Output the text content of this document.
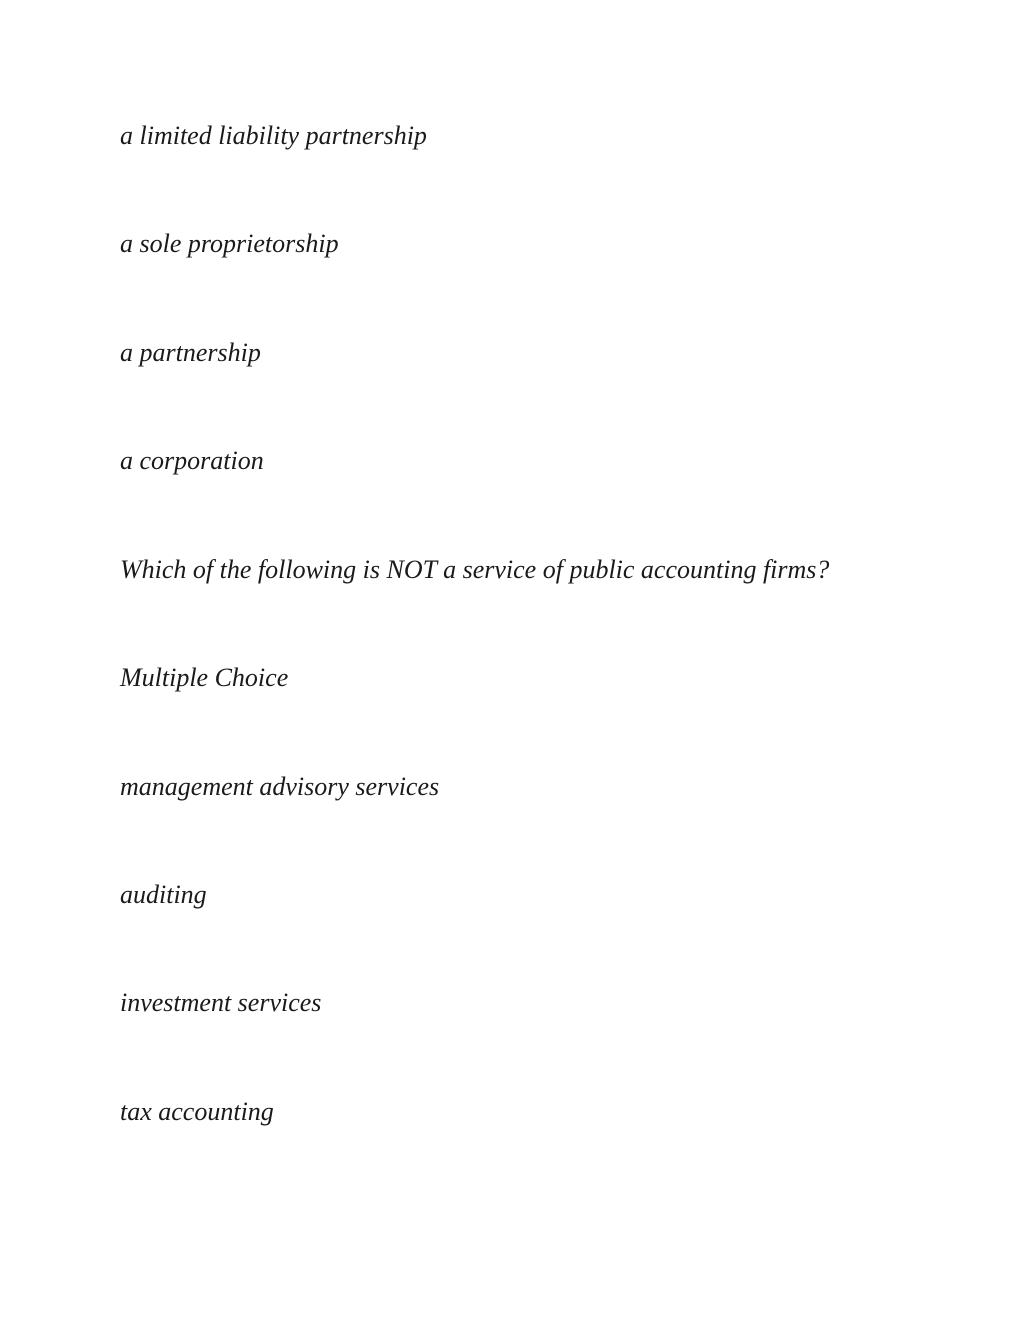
a limited liability partnership

a sole proprietorship

a partnership

a corporation

Which of the following is NOT a service of public accounting firms?

Multiple Choice

management advisory services

auditing

investment services

tax accounting
